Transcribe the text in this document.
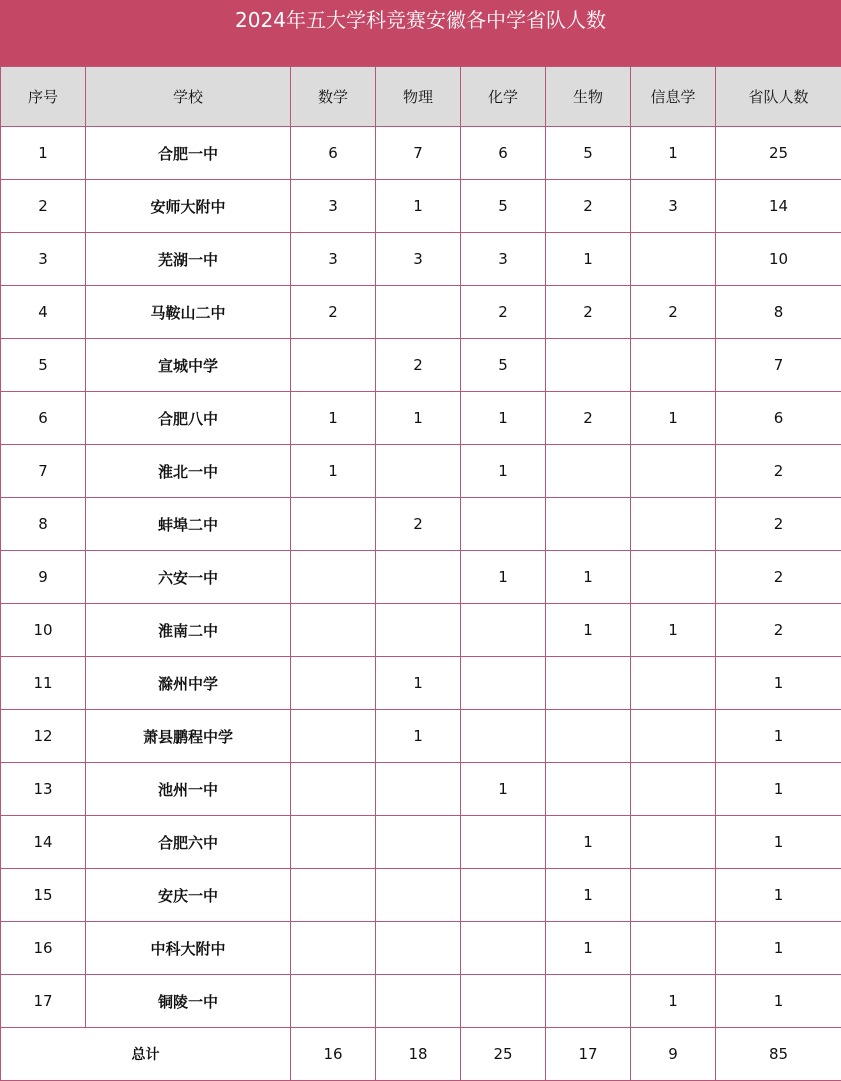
2024年五大学科竞赛安徽各中学省队人数
序号	学校	数学	物理	化学	生物	信息学	省队人数
1	合肥一中	6	7	6	5	1	25
2	安师大附中	3	1	5	2	3	14
3	芜湖一中	3	3	3	1		10
4	马鞍山二中	2		2	2	2	8
5	宣城中学		2	5			7
6	合肥八中	1	1	1	2	1	6
7	淮北一中	1		1			2
8	蚌埠二中		2				2
9	六安一中			1	1		2
10	淮南二中				1	1	2
11	滁州中学		1				1
12	萧县鹏程中学		1				1
13	池州一中			1			1
14	合肥六中				1		1
15	安庆一中				1		1
16	中科大附中				1		1
17	铜陵一中					1	1
总计		16	18	25	17	9	85
